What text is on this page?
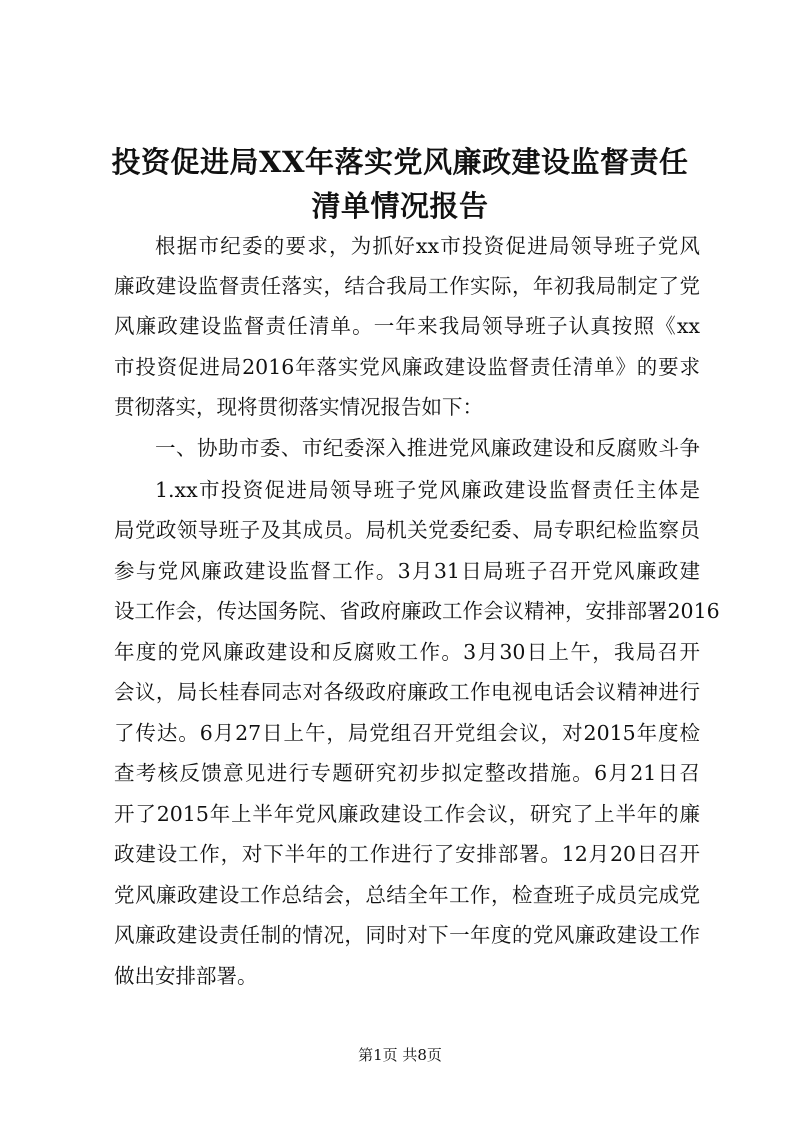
投资促进局XX年落实党风廉政建设监督责任
清单情况报告
根据市纪委的要求，为抓好xx市投资促进局领导班子党风
廉政建设监督责任落实，结合我局工作实际，年初我局制定了党
风廉政建设监督责任清单。一年来我局领导班子认真按照《xx
市投资促进局2016年落实党风廉政建设监督责任清单》的要求
贯彻落实，现将贯彻落实情况报告如下：
一、协助市委、市纪委深入推进党风廉政建设和反腐败斗争
1.xx市投资促进局领导班子党风廉政建设监督责任主体是
局党政领导班子及其成员。局机关党委纪委、局专职纪检监察员
参与党风廉政建设监督工作。3月31日局班子召开党风廉政建
设工作会，传达国务院、省政府廉政工作会议精神，安排部署2016
年度的党风廉政建设和反腐败工作。3月30日上午，我局召开
会议，局长桂春同志对各级政府廉政工作电视电话会议精神进行
了传达。6月27日上午，局党组召开党组会议，对2015年度检
查考核反馈意见进行专题研究初步拟定整改措施。6月21日召
开了2015年上半年党风廉政建设工作会议，研究了上半年的廉
政建设工作，对下半年的工作进行了安排部署。12月20日召开
党风廉政建设工作总结会，总结全年工作，检查班子成员完成党
风廉政建设责任制的情况，同时对下一年度的党风廉政建设工作
做出安排部署。
第1页 共8页
